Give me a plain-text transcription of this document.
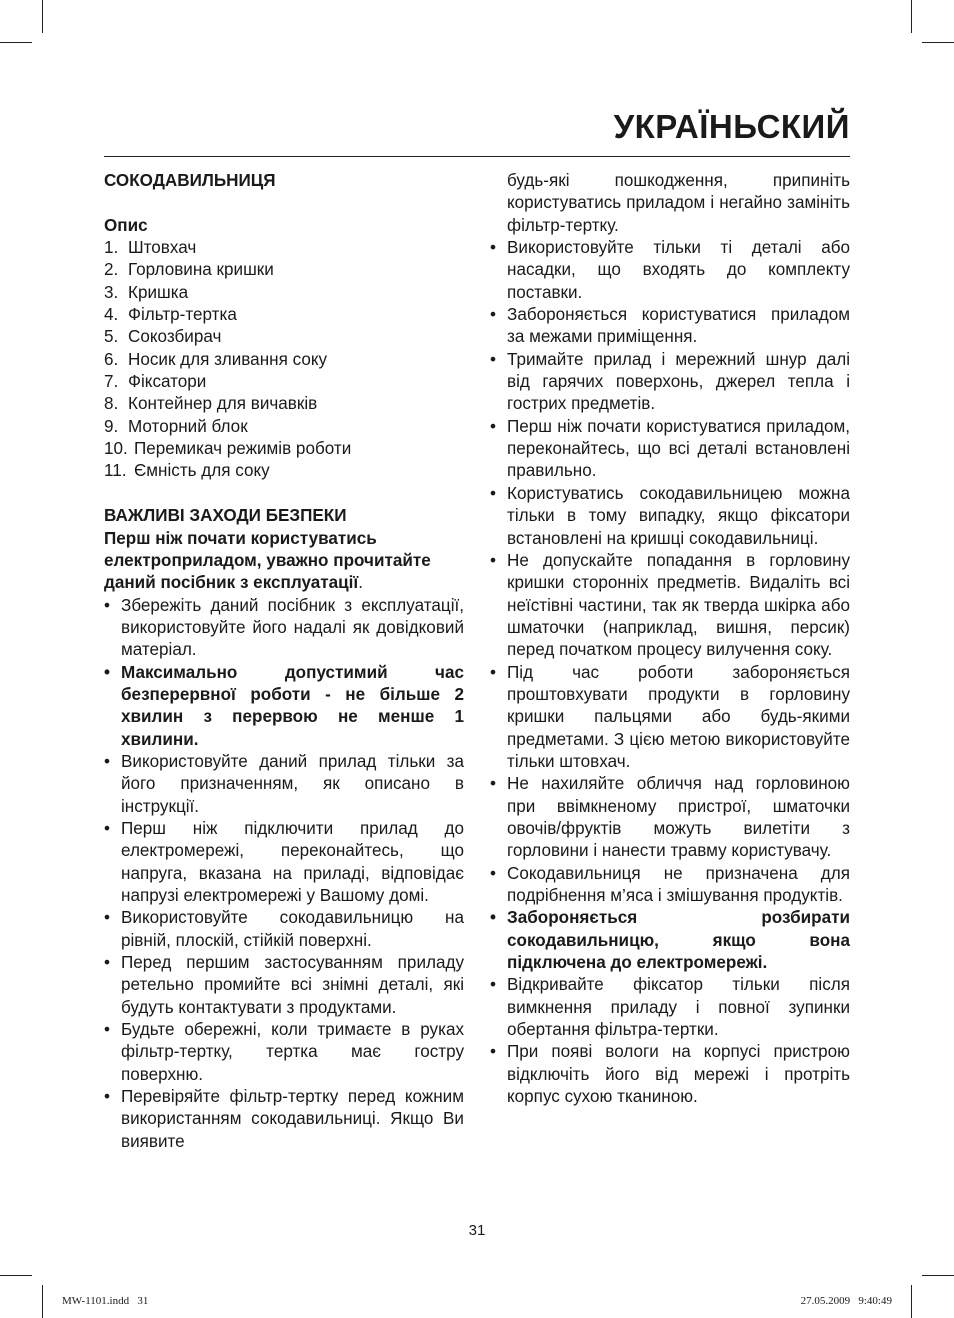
УКРАЇНЬСКИЙ
СОКОДАВИЛЬНИЦЯ
Опис
1. Штовхач
2. Горловина кришки
3. Кришка
4. Фільтр-тертка
5. Сокозбирач
6. Носик для зливання соку
7. Фіксатори
8. Контейнер для вичавків
9. Моторний блок
10. Перемикач режимів роботи
11. Ємність для соку
ВАЖЛИВІ ЗАХОДИ БЕЗПЕКИ
Перш ніж почати користуватись електроприладом, уважно прочитайте даний посібник з експлуатації.
• Збережіть даний посібник з експлуатації, використовуйте його надалі як довідковий матеріал.
• Максимально допустимий час безперервної роботи - не більше 2 хвилин з перервою не менше 1 хвилини.
• Використовуйте даний прилад тільки за його призначенням, як описано в інструкції.
• Перш ніж підключити прилад до електромережі, переконайтесь, що напруга, вказана на приладі, відповідає напрузі електромережі у Вашому домі.
• Використовуйте сокодавильницю на рівній, плоскій, стійкій поверхні.
• Перед першим застосуванням приладу ретельно промийте всі знімні деталі, які будуть контактувати з продуктами.
• Будьте обережні, коли тримаєте в руках фільтр-тертку, тертка має гостру поверхню.
• Перевіряйте фільтр-тертку перед кожним використанням сокодавильниці. Якщо Ви виявите
будь-які пошкодження, припиніть користуватись приладом і негайно замініть фільтр-тертку.
• Використовуйте тільки ті деталі або насадки, що входять до комплекту поставки.
• Забороняється користуватися приладом за межами приміщення.
• Тримайте прилад і мережний шнур далі від гарячих поверхонь, джерел тепла і гострих предметів.
• Перш ніж почати користуватися приладом, переконайтесь, що всі деталі встановлені правильно.
• Користуватись сокодавильницею можна тільки в тому випадку, якщо фіксатори встановлені на кришці сокодавильниці.
• Не допускайте попадання в горловину кришки сторонніх предметів. Видаліть всі неїстівні частини, так як тверда шкірка або шматочки (наприклад, вишня, персик) перед початком процесу вилучення соку.
• Під час роботи забороняється проштовхувати продукти в горловину кришки пальцями або будь-якими предметами. З цією метою використовуйте тільки штовхач.
• Не нахиляйте обличчя над горловиною при ввімкненому пристрої, шматочки овочів/фруктів можуть вилетіти з горловини і нанести травму користувачу.
• Сокодавильниця не призначена для подрібнення м’яса і змішування продуктів.
• Забороняється розбирати сокодавильницю, якщо вона підключена до електромережі.
• Відкривайте фіксатор тільки після вимкнення приладу і повної зупинки обертання фільтра-тертки.
• При появі вологи на корпусі пристрою відключіть його від мережі і протріть корпус сухою тканиною.
31
MW-1101.indd   31	27.05.2009   9:40:49
